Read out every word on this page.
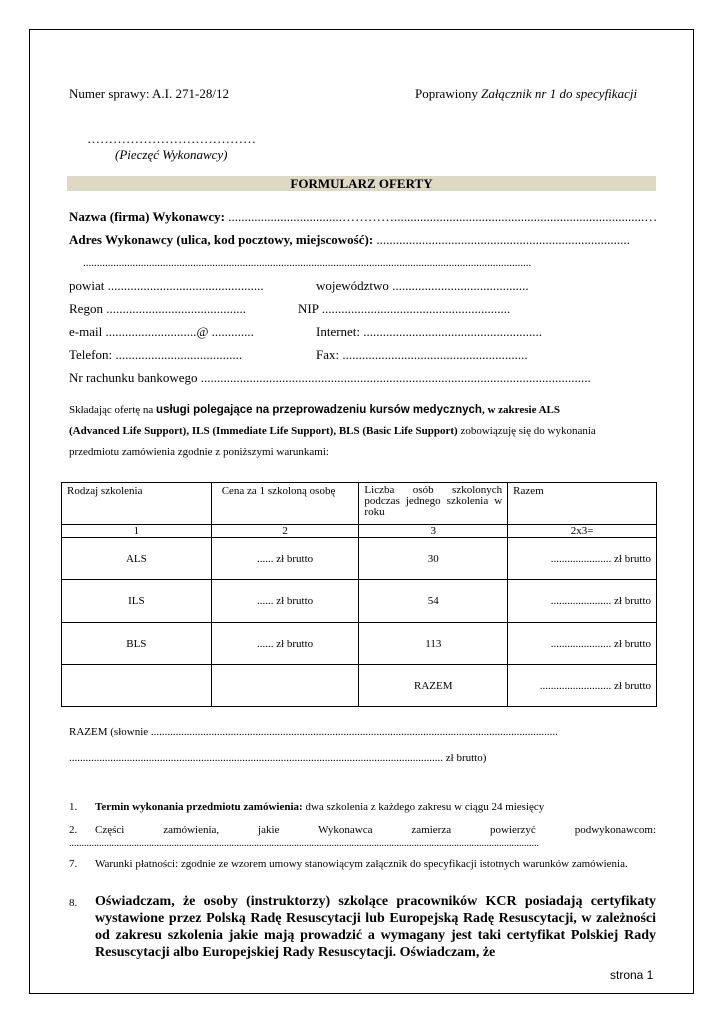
Numer sprawy: A.I. 271-28/12	Poprawiony Załącznik nr 1 do specyfikacji
…………………………………
(Pieczęć Wykonawcy)
FORMULARZ OFERTY
Nazwa (firma) Wykonawcy: ...................................………….............................................................................…
Adres Wykonawcy (ulica, kod pocztowy, miejscowość): ..............................................................................
...................................................................................................................................................................
powiat ................................................	województwo ..........................................
Regon ...........................................	NIP ..........................................................
e-mail ............................@ .............	Internet: .......................................................
Telefon: .......................................	Fax: .........................................................
Nr rachunku bankowego ........................................................................................................................
Składając ofertę na usługi polegające na przeprowadzeniu kursów medycznych, w zakresie ALS
(Advanced Life Support), ILS (Immediate Life Support), BLS (Basic Life Support) zobowiązuję się do wykonania
przedmiotu zamówienia zgodnie z poniższymi warunkami:
Rodzaj szkolenia	Cena za 1 szkoloną osobę	Liczba osób szkolonych podczas jednego szkolenia w roku	Razem
1	2	3	2x3=
ALS	...... zł brutto	30	...................... zł brutto
ILS	...... zł brutto	54	...................... zł brutto
BLS	...... zł brutto	113	...................... zł brutto
		RAZEM	.......................... zł brutto
RAZEM (słownie ....................................................................................................................................................
........................................................................................................................................ zł brutto)
1. Termin wykonania przedmiotu zamówienia: dwa szkolenia z każdego zakresu w ciągu 24 miesięcy
2. Części zamówienia, jakie Wykonawca zamierza powierzyć podwykonawcom:
............................................................................................................................................................................................
7. Warunki płatności: zgodnie ze wzorem umowy stanowiącym załącznik do specyfikacji istotnych warunków zamówienia.
8. Oświadczam, że osoby (instruktorzy) szkolące pracowników KCR posiadają certyfikaty wystawione przez Polską Radę Resuscytacji lub Europejską Radę Resuscytacji, w zależności od zakresu szkolenia jakie mają prowadzić a wymagany jest taki certyfikat Polskiej Rady Resuscytacji albo Europejskiej Rady Resuscytacji. Oświadczam, że
strona 1
